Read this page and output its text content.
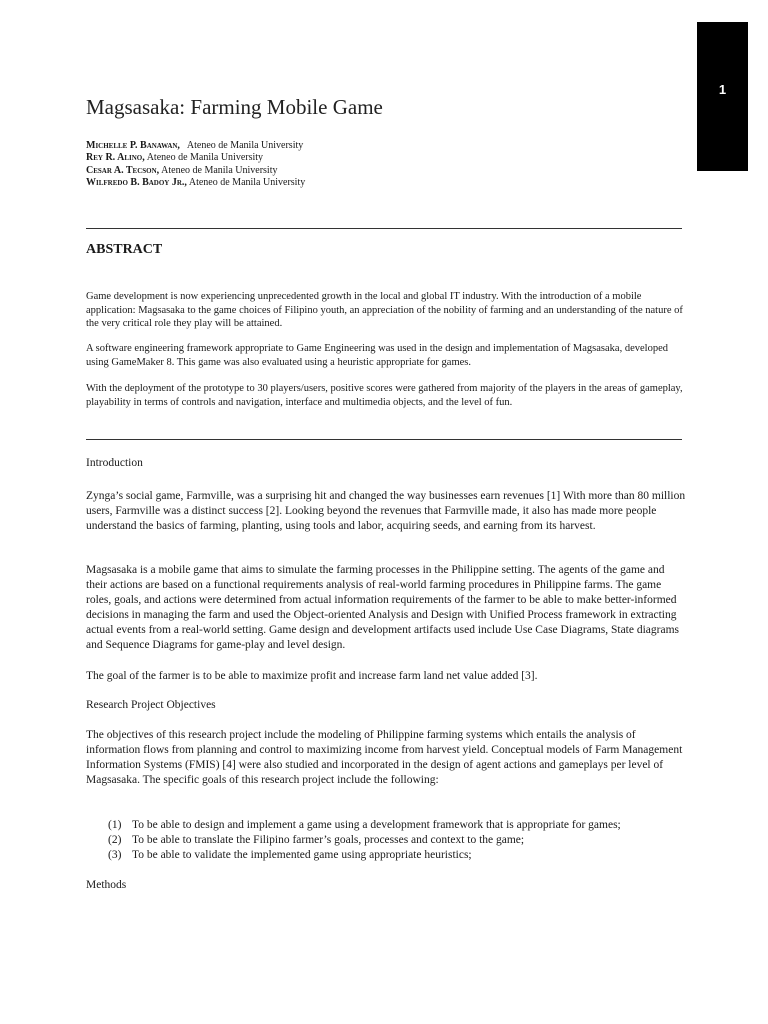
1
Magsasaka: Farming Mobile Game
Michelle P. Banawan, Ateneo de Manila University
Rey R. Alino, Ateneo de Manila University
Cesar A. Tecson, Ateneo de Manila University
Wilfredo B. Badoy Jr., Ateneo de Manila University
ABSTRACT

Game development is now experiencing unprecedented growth in the local and global IT industry. With the introduction of a mobile application: Magsasaka to the game choices of Filipino youth, an appreciation of the nobility of farming and an understanding of the nature of the very critical role they play will be attained.

A software engineering framework appropriate to Game Engineering was used in the design and implementation of Magsasaka, developed using GameMaker 8. This game was also evaluated using a heuristic appropriate for games.

With the deployment of the prototype to 30 players/users, positive scores were gathered from majority of the players in the areas of gameplay, playability in terms of controls and navigation, interface and multimedia objects, and the level of fun.

Introduction

Zynga’s social game, Farmville, was a surprising hit and changed the way businesses earn revenues [1] With more than 80 million users, Farmville was a distinct success [2]. Looking beyond the revenues that Farmville made, it also has made more people understand the basics of farming, planting, using tools and labor, acquiring seeds, and earning from its harvest.

Magsasaka is a mobile game that aims to simulate the farming processes in the Philippine setting. The agents of the game and their actions are based on a functional requirements analysis of real-world farming procedures in Philippine farms. The game roles, goals, and actions were determined from actual information requirements of the farmer to be able to make better-informed decisions in managing the farm and used the Object-oriented Analysis and Design with Unified Process framework in extracting actual events from a real-world setting. Game design and development artifacts used include Use Case Diagrams, State diagrams and Sequence Diagrams for game-play and level design.

The goal of the farmer is to be able to maximize profit and increase farm land net value added [3].

Research Project Objectives

The objectives of this research project include the modeling of Philippine farming systems which entails the analysis of information flows from planning and control to maximizing income from harvest yield. Conceptual models of Farm Management Information Systems (FMIS) [4] were also studied and incorporated in the design of agent actions and gameplays per level of Magsasaka. The specific goals of this research project include the following:

(1) To be able to design and implement a game using a development framework that is appropriate for games;
(2) To be able to translate the Filipino farmer’s goals, processes and context to the game;
(3) To be able to validate the implemented game using appropriate heuristics;
Methods
